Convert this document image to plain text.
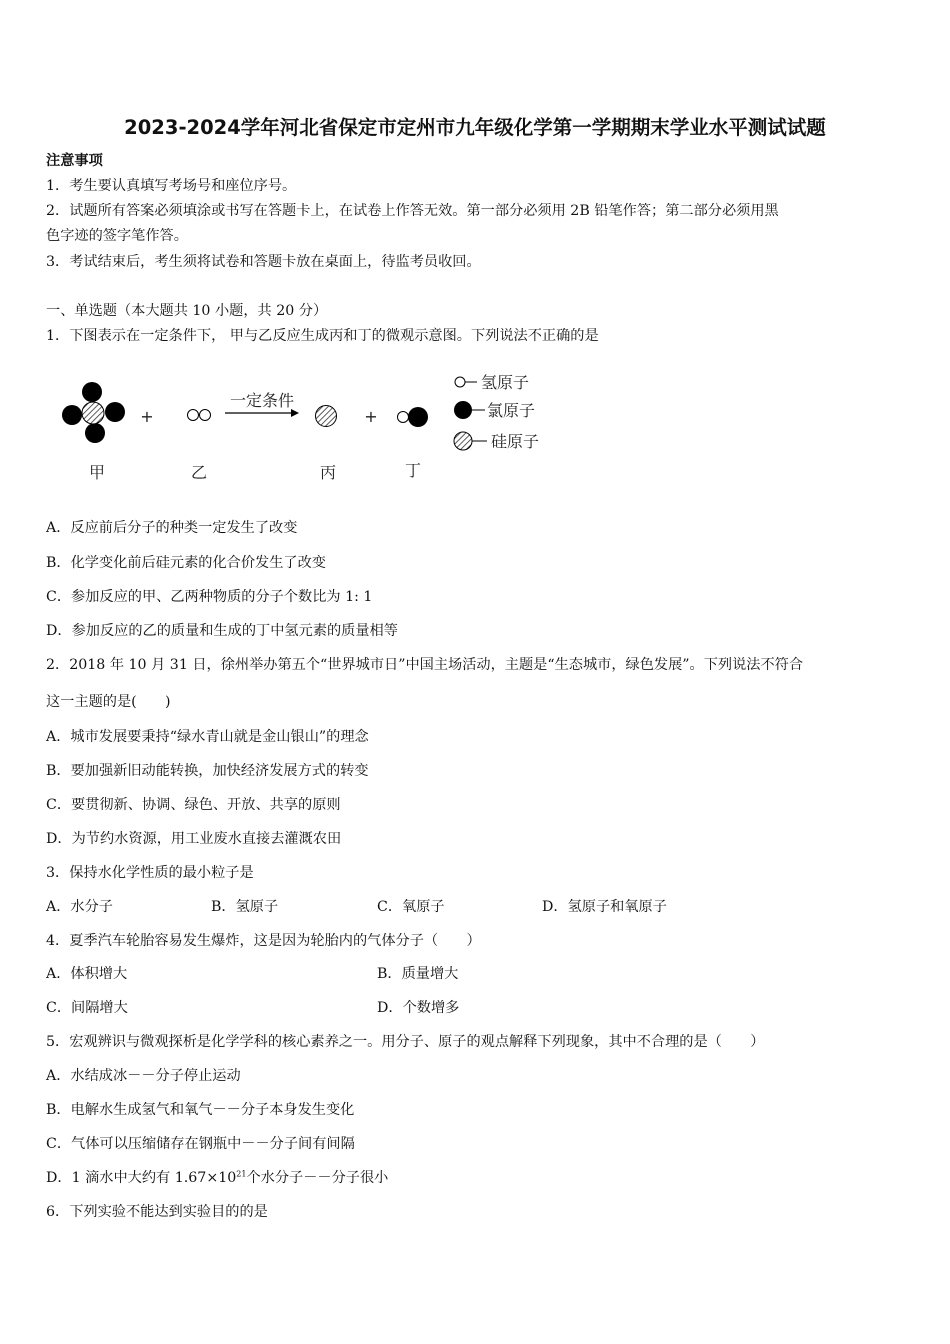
2023-2024学年河北省保定市定州市九年级化学第一学期期末学业水平测试试题
注意事项
1．考生要认真填写考场号和座位序号。
2．试题所有答案必须填涂或书写在答题卡上，在试卷上作答无效。第一部分必须用 2B 铅笔作答；第二部分必须用黑
色字迹的签字笔作答。
3．考试结束后，考生须将试卷和答题卡放在桌面上，待监考员收回。
一、单选题（本大题共 10 小题，共 20 分）
1．下图表示在一定条件下， 甲与乙反应生成丙和丁的微观示意图。下列说法不正确的是
+
一定条件
+
甲	乙	丙	丁
氢原子
氯原子
硅原子
A．反应前后分子的种类一定发生了改变
B．化学变化前后硅元素的化合价发生了改变
C．参加反应的甲、乙两种物质的分子个数比为 1: 1
D．参加反应的乙的质量和生成的丁中氢元素的质量相等
2．2018 年 10 月 31 日，徐州举办第五个“世界城市日”中国主场活动，主题是“生态城市，绿色发展”。下列说法不符合
这一主题的是(　　)
A．城市发展要秉持“绿水青山就是金山银山”的理念
B．要加强新旧动能转换，加快经济发展方式的转变
C．要贯彻新、协调、绿色、开放、共享的原则
D．为节约水资源，用工业废水直接去灌溉农田
3．保持水化学性质的最小粒子是
A．水分子	B．氢原子	C．氧原子	D．氢原子和氧原子
4．夏季汽车轮胎容易发生爆炸，这是因为轮胎内的气体分子（　　）
A．体积增大	B．质量增大
C．间隔增大	D．个数增多
5．宏观辨识与微观探析是化学学科的核心素养之一。用分子、原子的观点解释下列现象，其中不合理的是（　　）
A．水结成冰－－分子停止运动
B．电解水生成氢气和氧气－－分子本身发生变化
C．气体可以压缩储存在钢瓶中－－分子间有间隔
D．1 滴水中大约有 $1.67\times 10^{21}$个水分子－－分子很小
6．下列实验不能达到实验目的的是
